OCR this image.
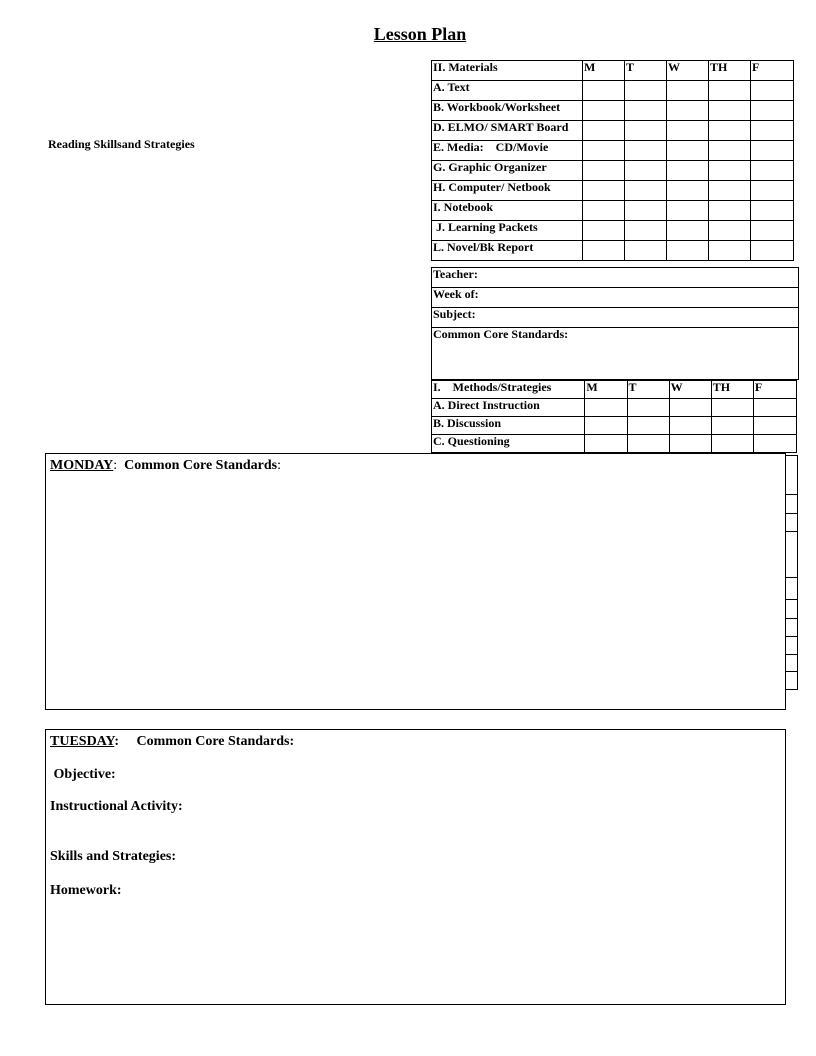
Lesson Plan
Reading Skillsand Strategies
II. Materials	M	T	W	TH	F
A. Text					
B. Workbook/Worksheet					
D. ELMO/ SMART Board					
E. Media:    CD/Movie					
G. Graphic Organizer					
H. Computer/ Netbook					
I. Notebook					
J. Learning Packets					
L. Novel/Bk Report					
Teacher:
Week of:
Subject:
Common Core Standards:
I.    Methods/Strategies	M	T	W	TH	F
A. Direct Instruction					
B. Discussion					
C. Questioning					
MONDAY:  Common Core Standards:
TUESDAY:     Common Core Standards:
Objective:
Instructional Activity:
Skills and Strategies:
Homework:
